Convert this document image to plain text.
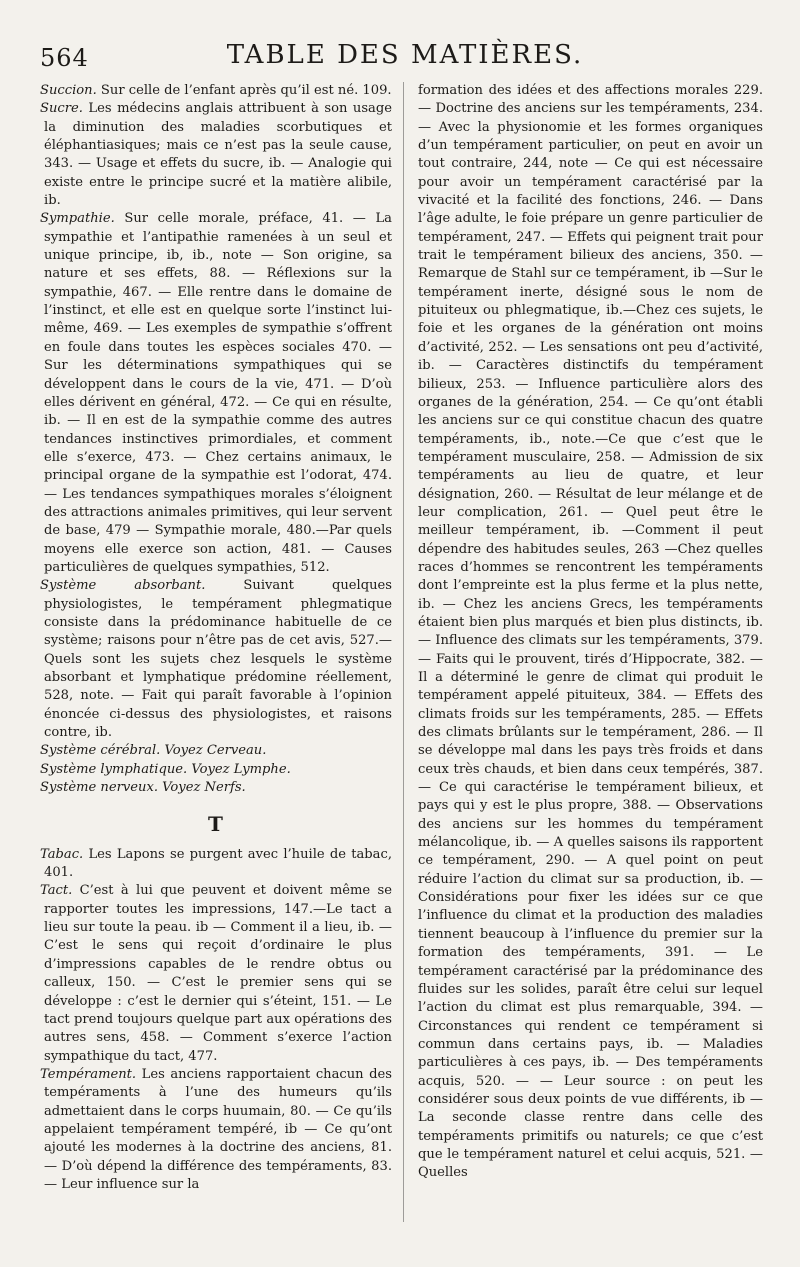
564	TABLE DES MATIÈRES.

Succion. Sur celle de l’enfant après qu’il est né. 109.

Sucre. Les médecins anglais attribuent à son usage la diminution des maladies scorbutiques et éléphantiasiques; mais ce n’est pas la seule cause, 343. — Usage et effets du sucre, ib. — Analogie qui existe entre le principe sucré et la matière alibile, ib.

Sympathie. Sur celle morale, préface, 41. — La sympathie et l’antipathie ramenées à un seul et unique principe, ib, ib., note — Son origine, sa nature et ses effets, 88. — Réflexions sur la sympathie, 467. — Elle rentre dans le domaine de l’instinct, et elle est en quelque sorte l’instinct lui-même, 469. — Les exemples de sympathie s’offrent en foule dans toutes les espèces sociales 470. — Sur les déterminations sympathiques qui se développent dans le cours de la vie, 471. — D’où elles dérivent en général, 472. — Ce qui en résulte, ib. — Il en est de la sympathie comme des autres tendances instinctives primordiales, et comment elle s’exerce, 473. — Chez certains animaux, le principal organe de la sympathie est l’odorat, 474. — Les tendances sympathiques morales s’éloignent des attractions animales primitives, qui leur servent de base, 479 — Sympathie morale, 480.—Par quels moyens elle exerce son action, 481. — Causes particulières de quelques sympathies, 512.

Système absorbant. Suivant quelques physiologistes, le tempérament phlegmatique consiste dans la prédominance habituelle de ce système; raisons pour n’être pas de cet avis, 527.—Quels sont les sujets chez lesquels le système absorbant et lymphatique prédomine réellement, 528, note. — Fait qui paraît favorable à l’opinion énoncée ci-dessus des physiologistes, et raisons contre, ib.

Système cérébral. Voyez Cerveau.

Système lymphatique. Voyez Lymphe.

Système nerveux. Voyez Nerfs.

T

Tabac. Les Lapons se purgent avec l’huile de tabac, 401.

Tact. C’est à lui que peuvent et doivent même se rapporter toutes les impressions, 147.—Le tact a lieu sur toute la peau. ib — Comment il a lieu, ib. — C’est le sens qui reçoit d’ordinaire le plus d’impressions capables de le rendre obtus ou calleux, 150. — C’est le premier sens qui se développe : c’est le dernier qui s’éteint, 151. — Le tact prend toujours quelque part aux opérations des autres sens, 458. — Comment s’exerce l’action sympathique du tact, 477.

Tempérament. Les anciens rapportaient chacun des tempéraments à l’une des humeurs qu’ils admettaient dans le corps huumain, 80. — Ce qu’ils appelaient tempérament tempéré, ib — Ce qu’ont ajouté les modernes à la doctrine des anciens, 81. — D’où dépend la différence des tempéraments, 83. — Leur influence sur la

formation des idées et des affections morales 229. — Doctrine des anciens sur les tempéraments, 234. — Avec la physionomie et les formes organiques d’un tempérament particulier, on peut en avoir un tout contraire, 244, note — Ce qui est nécessaire pour avoir un tempérament caractérisé par la vivacité et la facilité des fonctions, 246. — Dans l’âge adulte, le foie prépare un genre particulier de tempérament, 247. — Effets qui peignent trait pour trait le tempérament bilieux des anciens, 350. — Remarque de Stahl sur ce tempérament, ib —Sur le tempérament inerte, désigné sous le nom de pituiteux ou phlegmatique, ib.—Chez ces sujets, le foie et les organes de la génération ont moins d’activité, 252. — Les sensations ont peu d’activité, ib. — Caractères distinctifs du tempérament bilieux, 253. — Influence particulière alors des organes de la génération, 254. — Ce qu’ont établi les anciens sur ce qui constitue chacun des quatre tempéraments, ib., note.—Ce que c’est que le tempérament musculaire, 258. — Admission de six tempéraments au lieu de quatre, et leur désignation, 260. — Résultat de leur mélange et de leur complication, 261. — Quel peut être le meilleur tempérament, ib. —Comment il peut dépendre des habitudes seules, 263 —Chez quelles races d’hommes se rencontrent les tempéraments dont l’empreinte est la plus ferme et la plus nette, ib. — Chez les anciens Grecs, les tempéraments étaient bien plus marqués et bien plus distincts, ib. — Influence des climats sur les tempéraments, 379. — Faits qui le prouvent, tirés d’Hippocrate, 382. — Il a déterminé le genre de climat qui produit le tempérament appelé pituiteux, 384. — Effets des climats froids sur les tempéraments, 285. — Effets des climats brûlants sur le tempérament, 286. — Il se développe mal dans les pays très froids et dans ceux très chauds, et bien dans ceux tempérés, 387. — Ce qui caractérise le tempérament bilieux, et pays qui y est le plus propre, 388. — Observations des anciens sur les hommes du tempérament mélancolique, ib. — A quelles saisons ils rapportent ce tempérament, 290. — A quel point on peut réduire l’action du climat sur sa production, ib. — Considérations pour fixer les idées sur ce que l’influence du climat et la production des maladies tiennent beaucoup à l’influence du premier sur la formation des tempéraments, 391. — Le tempérament caractérisé par la prédominance des fluides sur les solides, paraît être celui sur lequel l’action du climat est plus remarquable, 394. — Circonstances qui rendent ce tempérament si commun dans certains pays, ib. — Maladies particulières à ces pays, ib. — Des tempéraments acquis, 520. — — Leur source : on peut les considérer sous deux points de vue différents, ib — La seconde classe rentre dans celle des tempéraments primitifs ou naturels; ce que c’est que le tempérament naturel et celui acquis, 521. — Quelles
